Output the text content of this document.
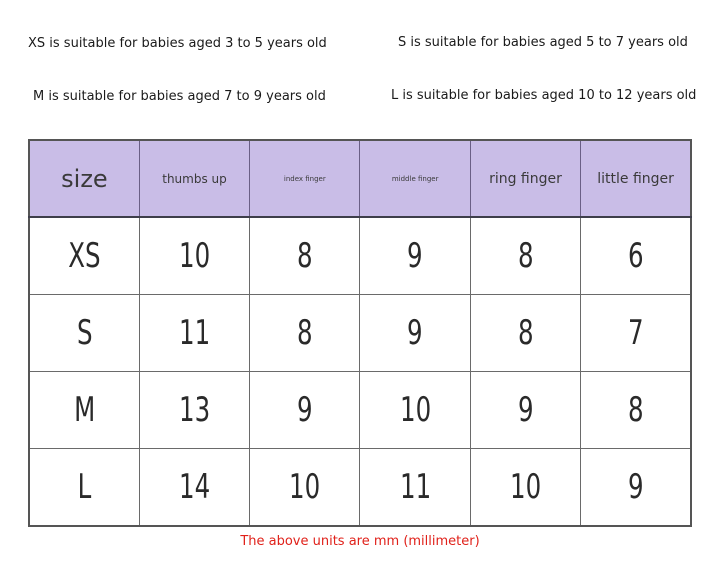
XS is suitable for babies aged 3 to 5 years old	S is suitable for babies aged 5 to 7 years old
M is suitable for babies aged 7 to 9 years old	L is suitable for babies aged 10 to 12 years old
size	thumbs up	index finger	middle finger	ring finger	little finger
XS	10	8	9	8	6
S	11	8	9	8	7
M	13	9	10	9	8
L	14	10	11	10	9
The above units are mm (millimeter)
